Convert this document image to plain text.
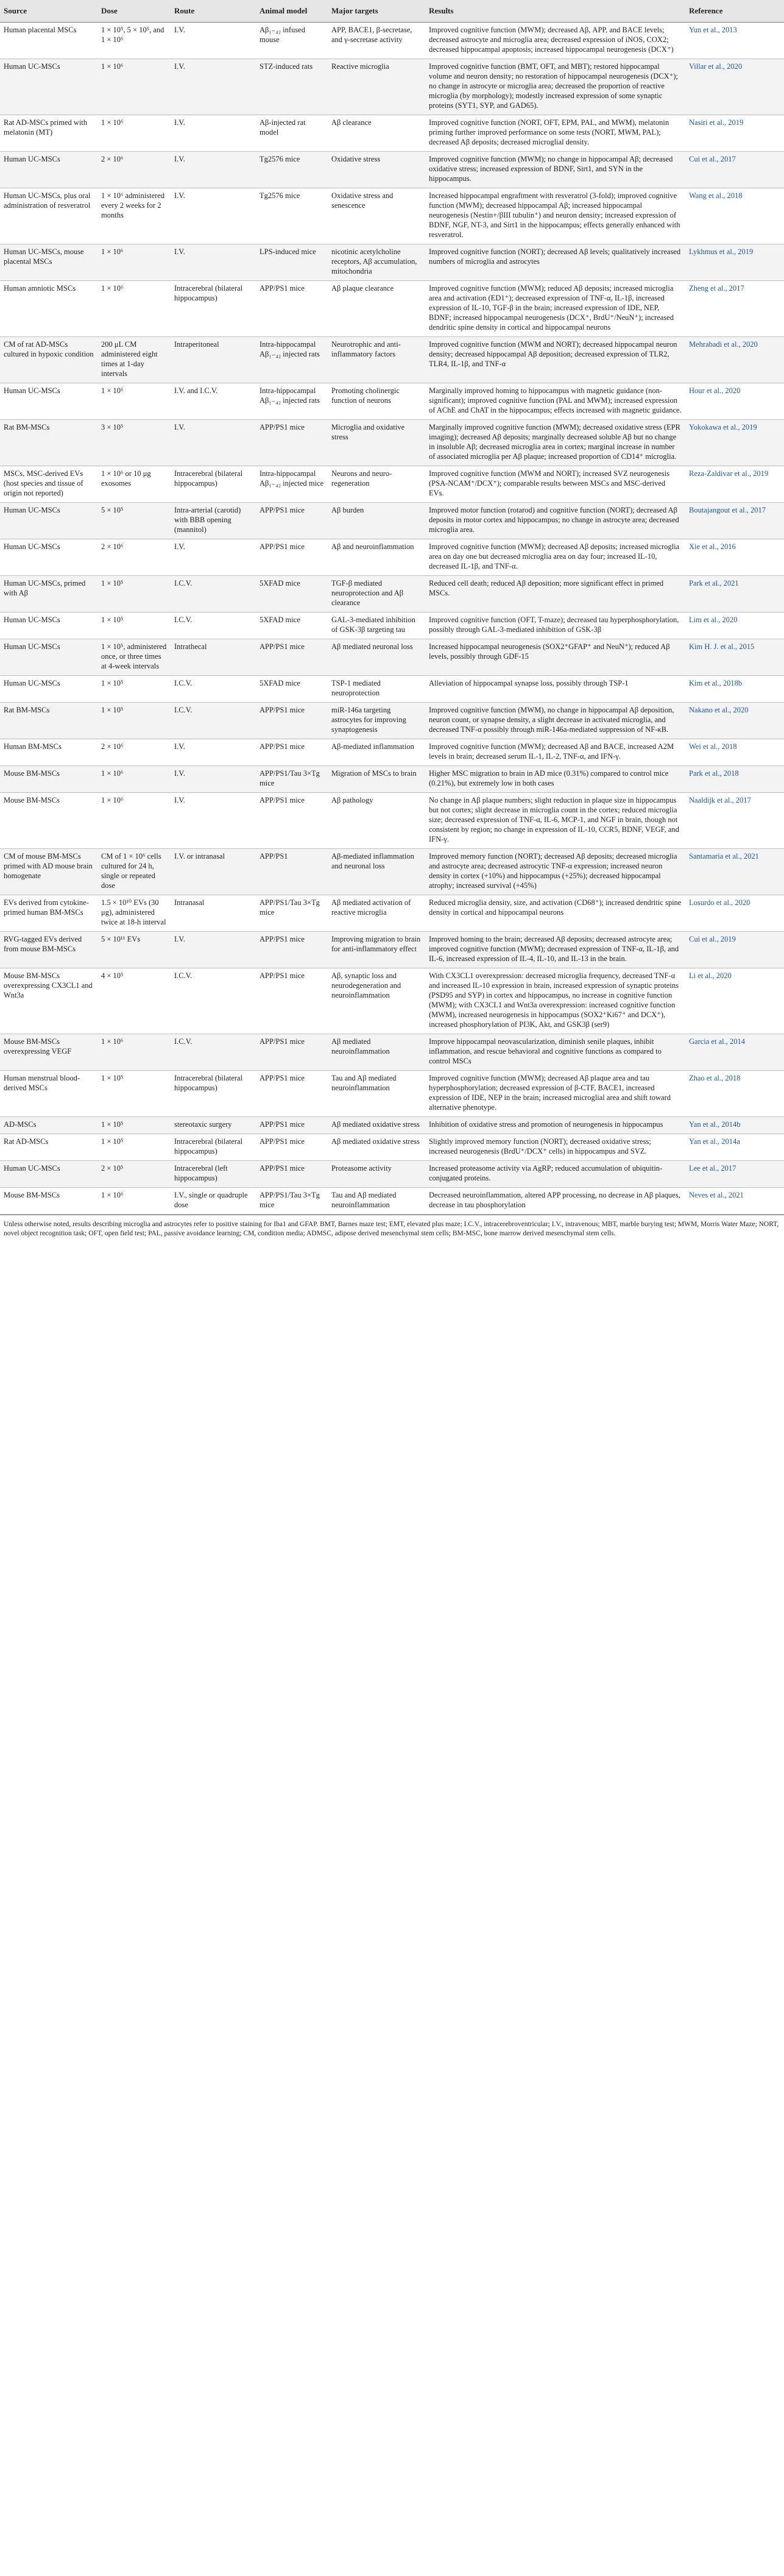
Source	Dose	Route	Animal model	Major targets	Results	Reference
Human placental MSCs	1 × 10⁵, 5 × 10⁵, and 1 × 10⁶	I.V.	Aβ₁₋₄₂ infused mouse	APP, BACE1, β-secretase, and γ-secretase activity	Improved cognitive function (MWM); decreased Aβ, APP, and BACE levels; decreased astrocyte and microglia area; decreased expression of iNOS, COX2; decreased hippocampal apoptosis; increased hippocampal neurogenesis (DCX⁺)	Yun et al., 2013
Human UC-MSCs	1 × 10⁶	I.V.	STZ-induced rats	Reactive microglia	Improved cognitive function (BMT, OFT, and MBT); restored hippocampal volume and neuron density; no restoration of hippocampal neurogenesis (DCX⁺); no change in astrocyte or microglia area; decreased the proportion of reactive microglia (by morphology); modestly increased expression of some synaptic proteins (SYT1, SYP, and GAD65).	Villar et al., 2020
Rat AD-MSCs primed with melatonin (MT)	1 × 10⁶	I.V.	Aβ-injected rat model	Aβ clearance	Improved cognitive function (NORT, OFT, EPM, PAL, and MWM), melatonin priming further improved performance on some tests (NORT, MWM, PAL); decreased Aβ deposits; decreased microglial density.	Nasiri et al., 2019
Human UC-MSCs	2 × 10⁶	I.V.	Tg2576 mice	Oxidative stress	Improved cognitive function (MWM); no change in hippocampal Aβ; decreased oxidative stress; increased expression of BDNF, Sirt1, and SYN in the hippocampus.	Cui et al., 2017
Human UC-MSCs, plus oral administration of resveratrol	1 × 10⁶ administered every 2 weeks for 2 months	I.V.	Tg2576 mice	Oxidative stress and senescence	Increased hippocampal engraftment with resveratrol (3-fold); improved cognitive function (MWM); decreased hippocampal Aβ; increased hippocampal neurogenesis (Nestin+/βIII tubulin⁺) and neuron density; increased expression of BDNF, NGF, NT-3, and Sirt1 in the hippocampus; effects generally enhanced with resveratrol.	Wang et al., 2018
Human UC-MSCs, mouse placental MSCs	1 × 10⁶	I.V.	LPS-induced mice	nicotinic acetylcholine receptors, Aβ accumulation, mitochondria	Improved cognitive function (NORT); decreased Aβ levels; qualitatively increased numbers of microglia and astrocytes	Lykhmus et al., 2019
Human amniotic MSCs	1 × 10⁶	Intracerebral (bilateral hippocampus)	APP/PS1 mice	Aβ plaque clearance	Improved cognitive function (MWM); reduced Aβ deposits; increased microglia area and activation (ED1⁺); decreased expression of TNF-α, IL-1β, increased expression of IL-10, TGF-β in the brain; increased expression of IDE, NEP, BDNF; increased hippocampal neurogenesis (DCX⁺, BrdU⁺/NeuN⁺); increased dendritic spine density in cortical and hippocampal neurons	Zheng et al., 2017
CM of rat AD-MSCs cultured in hypoxic condition	200 μL CM administered eight times at 1-day intervals	Intraperitoneal	Intra-hippocampal Aβ₁₋₄₂ injected rats	Neurotrophic and anti-inflammatory factors	Improved cognitive function (MWM and NORT); decreased hippocampal neuron density; decreased hippocampal Aβ deposition; decreased expression of TLR2, TLR4, IL-1β, and TNF-α	Mehrabadi et al., 2020
Human UC-MSCs	1 × 10⁶	I.V. and I.C.V.	Intra-hippocampal Aβ₁₋₄₂ injected rats	Promoting cholinergic function of neurons	Marginally improved homing to hippocampus with magnetic guidance (non-significant); improved cognitive function (PAL and MWM); increased expression of AChE and ChAT in the hippocampus; effects increased with magnetic guidance.	Hour et al., 2020
Rat BM-MSCs	3 × 10⁵	I.V.	APP/PS1 mice	Microglia and oxidative stress	Marginally improved cognitive function (MWM); decreased oxidative stress (EPR imaging); decreased Aβ deposits; marginally decreased soluble Aβ but no change in insoluble Aβ; decreased microglia area in cortex; marginal increase in number of associated microglia per Aβ plaque; increased proportion of CD14⁺ microglia.	Yokokawa et al., 2019
MSCs, MSC-derived EVs (host species and tissue of origin not reported)	1 × 10⁶ or 10 μg exosomes	Intracerebral (bilateral hippocampus)	Intra-hippocampal Aβ₁₋₄₂ injected mice	Neurons and neuro-regeneration	Improved cognitive function (MWM and NORT); increased SVZ neurogenesis (PSA-NCAM⁺/DCX⁺); comparable results between MSCs and MSC-derived EVs.	Reza-Zaldivar et al., 2019
Human UC-MSCs	5 × 10⁵	Intra-arterial (carotid) with BBB opening (mannitol)	APP/PS1 mice	Aβ burden	Improved motor function (rotarod) and cognitive function (NORT); decreased Aβ deposits in motor cortex and hippocampus; no change in astrocyte area; decreased microglia area.	Boutajangout et al., 2017
Human UC-MSCs	2 × 10⁶	I.V.	APP/PS1 mice	Aβ and neuroinflammation	Improved cognitive function (MWM); decreased Aβ deposits; increased microglia area on day one but decreased microglia area on day four; increased IL-10, decreased IL-1β, and TNF-α.	Xie et al., 2016
Human UC-MSCs, primed with Aβ	1 × 10⁵	I.C.V.	5XFAD mice	TGF-β mediated neuroprotection and Aβ clearance	Reduced cell death; reduced Aβ deposition; more significant effect in primed MSCs.	Park et al., 2021
Human UC-MSCs	1 × 10⁵	I.C.V.	5XFAD mice	GAL-3-mediated inhibition of GSK-3β targeting tau	Improved cognitive function (OFT, T-maze); decreased tau hyperphosphorylation, possibly through GAL-3-mediated inhibition of GSK-3β	Lim et al., 2020
Human UC-MSCs	1 × 10⁵, administered once, or three times at 4-week intervals	Intrathecal	APP/PS1 mice	Aβ mediated neuronal loss	Increased hippocampal neurogenesis (SOX2⁺GFAP⁺ and NeuN⁺); reduced Aβ levels, possibly through GDF-15	Kim H. J. et al., 2015
Human UC-MSCs	1 × 10⁵	I.C.V.	5XFAD mice	TSP-1 mediated neuroprotection	Alleviation of hippocampal synapse loss, possibly through TSP-1	Kim et al., 2018b
Rat BM-MSCs	1 × 10⁵	I.C.V.	APP/PS1 mice	miR-146a targeting astrocytes for improving synaptogenesis	Improved cognitive function (MWM), no change in hippocampal Aβ deposition, neuron count, or synapse density, a slight decrease in activated microglia, and decreased TNF-α possibly through miR-146a-mediated suppression of NF-κB.	Nakano et al., 2020
Human BM-MSCs	2 × 10⁶	I.V.	APP/PS1 mice	Aβ-mediated inflammation	Improved cognitive function (MWM); decreased Aβ and BACE, increased A2M levels in brain; decreased serum IL-1, IL-2, TNF-α, and IFN-γ.	Wei et al., 2018
Mouse BM-MSCs	1 × 10⁶	I.V.	APP/PS1/Tau 3×Tg mice	Migration of MSCs to brain	Higher MSC migration to brain in AD mice (0.31%) compared to control mice (0.21%), but extremely low in both cases	Park et al., 2018
Mouse BM-MSCs	1 × 10⁶	I.V.	APP/PS1 mice	Aβ pathology	No change in Aβ plaque numbers; slight reduction in plaque size in hippocampus but not cortex; slight decrease in microglia count in the cortex; reduced microglia size; decreased expression of TNF-α, IL-6, MCP-1, and NGF in brain, though not consistent by region; no change in expression of IL-10, CCR5, BDNF, VEGF, and IFN-γ.	Naaldijk et al., 2017
CM of mouse BM-MSCs primed with AD mouse brain homogenate	CM of 1 × 10⁶ cells cultured for 24 h, single or repeated dose	I.V. or intranasal	APP/PS1	Aβ-mediated inflammation and neuronal loss	Improved memory function (NORT); decreased Aβ deposits; decreased microglia and astrocyte area; decreased astrocytic TNF-α expression; increased neuron density in cortex (+10%) and hippocampus (+25%); decreased hippocampal atrophy; increased survival (+45%)	Santamaria et al., 2021
EVs derived from cytokine-primed human BM-MSCs	1.5 × 10¹⁰ EVs (30 μg), administered twice at 18-h interval	Intranasal	APP/PS1/Tau 3×Tg mice	Aβ mediated activation of reactive microglia	Reduced microglia density, size, and activation (CD68⁺); increased dendritic spine density in cortical and hippocampal neurons	Losurdo et al., 2020
RVG-tagged EVs derived from mouse BM-MSCs	5 × 10¹¹ EVs	I.V.	APP/PS1 mice	Improving migration to brain for anti-inflammatory effect	Improved homing to the brain; decreased Aβ deposits; decreased astrocyte area; improved cognitive function (MWM); decreased expression of TNF-α, IL-1β, and IL-6, increased expression of IL-4, IL-10, and IL-13 in the brain.	Cui et al., 2019
Mouse BM-MSCs overexpressing CX3CL1 and Wnt3a	4 × 10⁵	I.C.V.	APP/PS1 mice	Aβ, synaptic loss and neurodegeneration and neuroinflammation	With CX3CL1 overexpression: decreased microglia frequency, decreased TNF-α and increased IL-10 expression in brain, increased expression of synaptic proteins (PSD95 and SYP) in cortex and hippocampus, no increase in cognitive function (MWM); with CX3CL1 and Wnt3a overexpression: increased cognitive function (MWM), increased neurogenesis in hippocampus (SOX2⁺Ki67⁺ and DCX⁺), increased phosphorylation of PI3K, Akt, and GSK3β (ser9)	Li et al., 2020
Mouse BM-MSCs overexpressing VEGF	1 × 10⁶	I.C.V.	APP/PS1 mice	Aβ mediated neuroinflammation	Improve hippocampal neovascularization, diminish senile plaques, inhibit inflammation, and rescue behavioral and cognitive functions as compared to control MSCs	Garcia et al., 2014
Human menstrual blood-derived MSCs	1 × 10⁵	Intracerebral (bilateral hippocampus)	APP/PS1 mice	Tau and Aβ mediated neuroinflammation	Improved cognitive function (MWM); decreased Aβ plaque area and tau hyperphosphorylation; decreased expression of β-CTF, BACE1, increased expression of IDE, NEP in the brain; increased microglial area and shift toward alternative phenotype.	Zhao et al., 2018
AD-MSCs	1 × 10⁵	stereotaxic surgery	APP/PS1 mice	Aβ mediated oxidative stress	Inhibition of oxidative stress and promotion of neurogenesis in hippocampus	Yan et al., 2014b
Rat AD-MSCs	1 × 10⁵	Intracerebral (bilateral hippocampus)	APP/PS1 mice	Aβ mediated oxidative stress	Slightly improved memory function (NORT); decreased oxidative stress; increased neurogenesis (BrdU⁺/DCX⁺ cells) in hippocampus and SVZ.	Yan et al., 2014a
Human UC-MSCs	2 × 10⁵	Intracerebral (left hippocampus)	APP/PS1 mice	Proteasome activity	Increased proteasome activity via AgRP; reduced accumulation of ubiquitin-conjugated proteins.	Lee et al., 2017
Mouse BM-MSCs	1 × 10⁶	I.V., single or quadruple dose	APP/PS1/Tau 3×Tg mice	Tau and Aβ mediated neuroinflammation	Decreased neuroinflammation, altered APP processing, no decrease in Aβ plaques, decrease in tau phosphorylation	Neves et al., 2021
Unless otherwise noted, results describing microglia and astrocytes refer to positive staining for Iba1 and GFAP. BMT, Barnes maze test; EMT, elevated plus maze; I.C.V., intracerebroventricular; I.V., intravenous; MBT, marble burying test; MWM, Morris Water Maze; NORT, novel object recognition task; OFT, open field test; PAL, passive avoidance learning; CM, condition media; ADMSC, adipose derived mesenchymal stem cells; BM-MSC, bone marrow derived mesenchymal stem cells.
